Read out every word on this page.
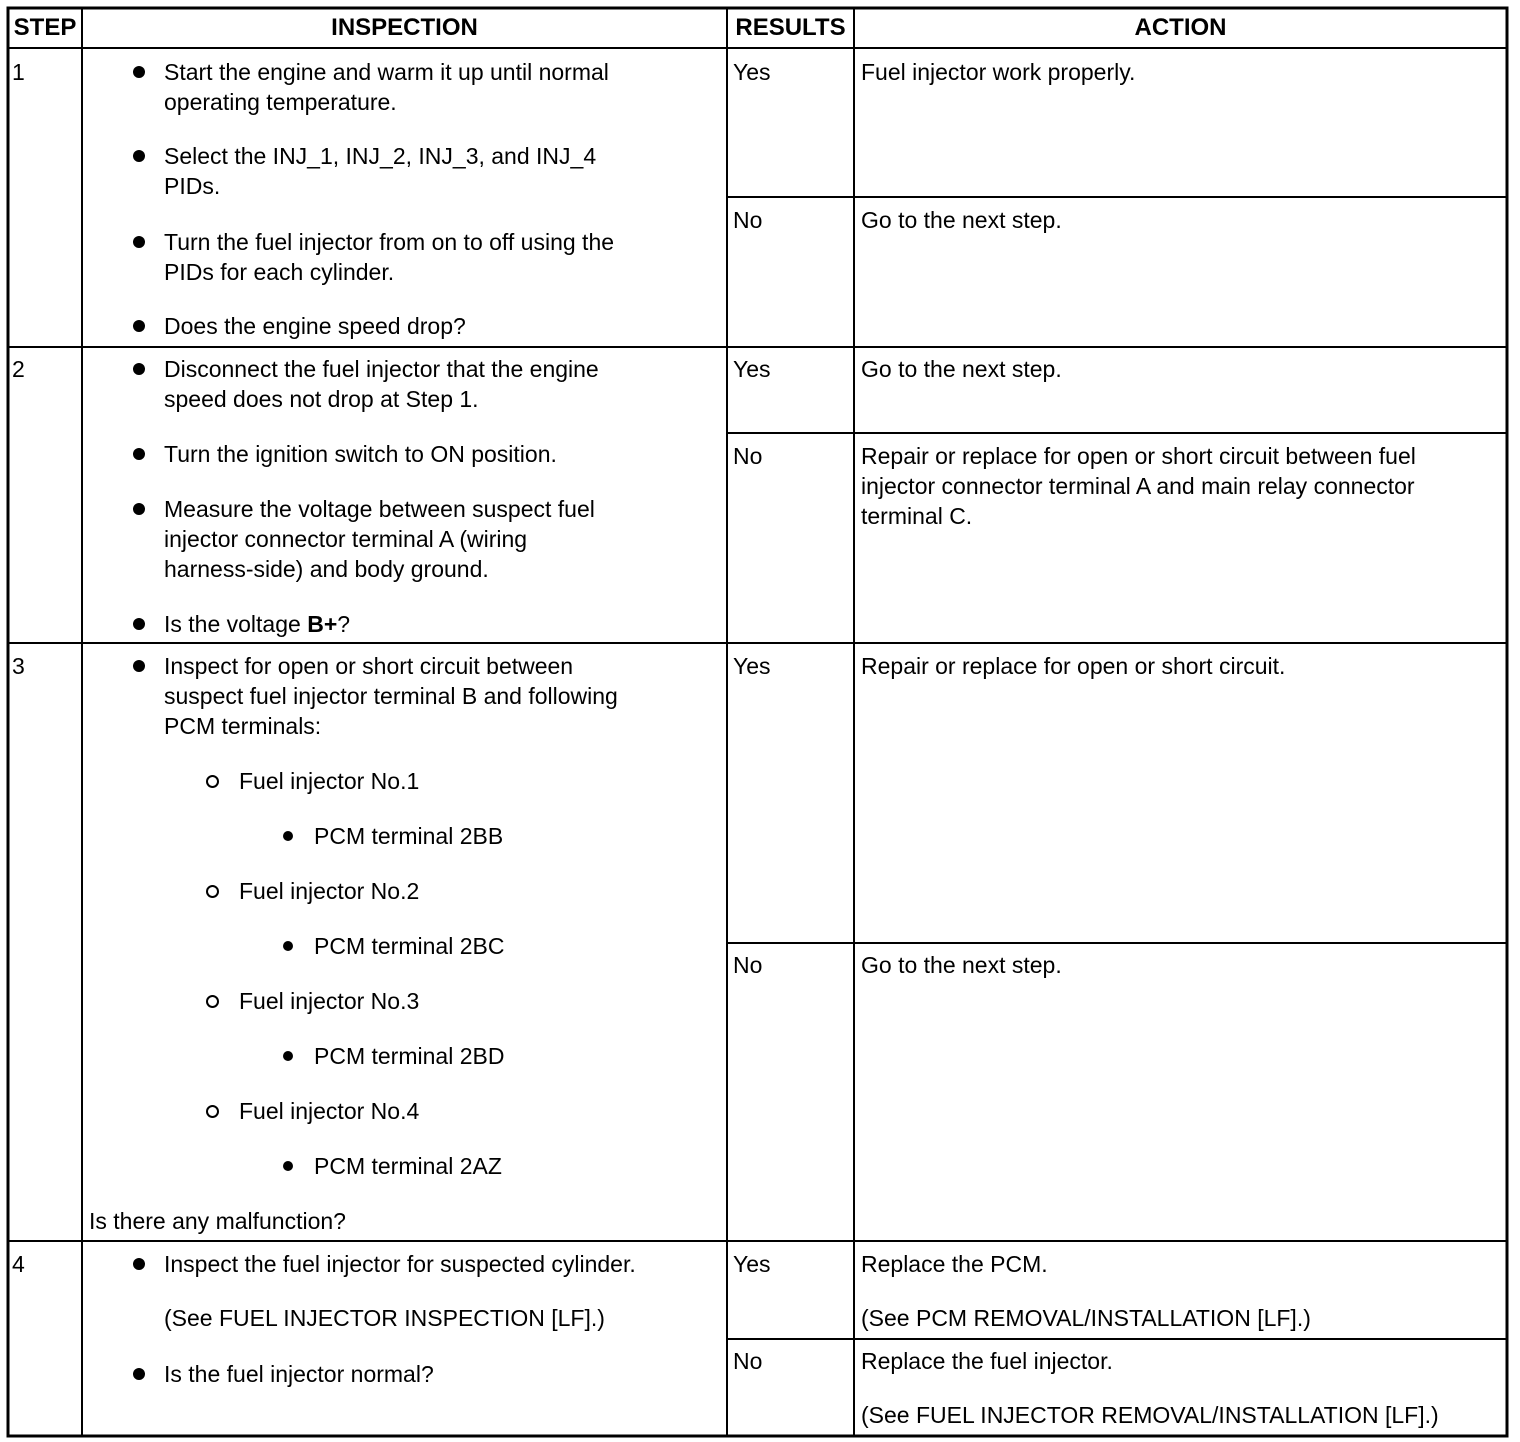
STEP	INSPECTION	RESULTS	ACTION
1	Start the engine and warm it up until normal
operating temperature.
Select the INJ_1, INJ_2, INJ_3, and INJ_4
PIDs.
Turn the fuel injector from on to off using the
PIDs for each cylinder.
Does the engine speed drop?
Yes	Fuel injector work properly.
No	Go to the next step.
2	Disconnect the fuel injector that the engine
speed does not drop at Step 1.
Turn the ignition switch to ON position.
Measure the voltage between suspect fuel
injector connector terminal A (wiring
harness-side) and body ground.
Is the voltage B+?
Yes	Go to the next step.
No	Repair or replace for open or short circuit between fuel
injector connector terminal A and main relay connector
terminal C.
3	Inspect for open or short circuit between
suspect fuel injector terminal B and following
PCM terminals:
Fuel injector No.1
PCM terminal 2BB
Fuel injector No.2
PCM terminal 2BC
Fuel injector No.3
PCM terminal 2BD
Fuel injector No.4
PCM terminal 2AZ
Is there any malfunction?
Yes	Repair or replace for open or short circuit.
No	Go to the next step.
4	Inspect the fuel injector for suspected cylinder.
(See FUEL INJECTOR INSPECTION [LF].)
Is the fuel injector normal?
Yes	Replace the PCM.
(See PCM REMOVAL/INSTALLATION [LF].)
No	Replace the fuel injector.
(See FUEL INJECTOR REMOVAL/INSTALLATION [LF].)
